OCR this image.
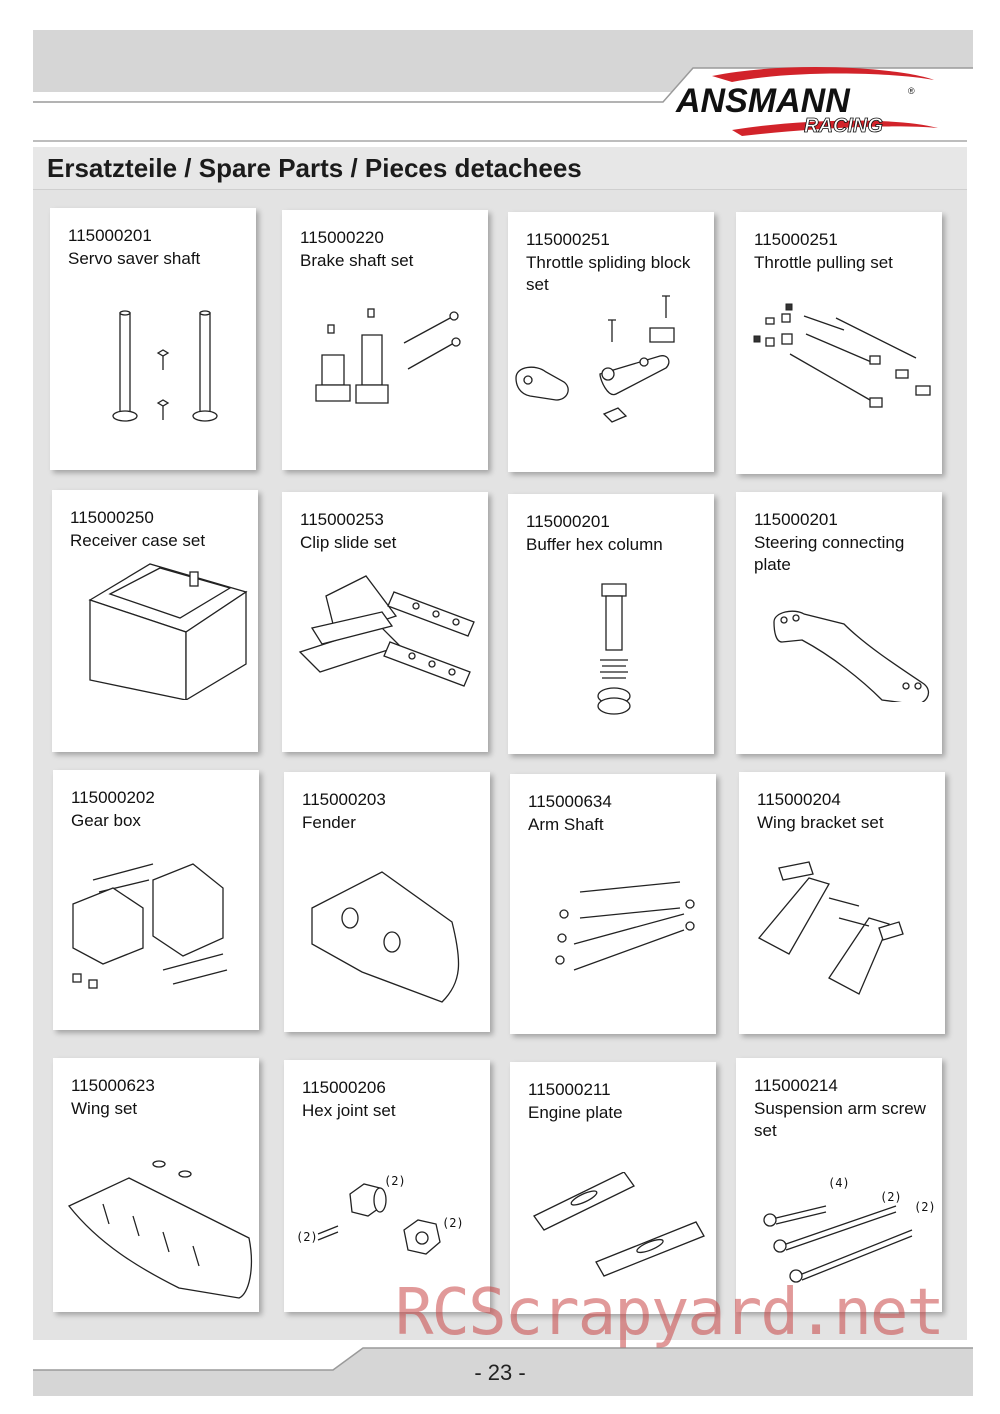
ANSMANN	®
RACING
Ersatzteile / Spare Parts / Pieces detachees
115000201
Servo saver shaft
115000220
Brake shaft set
115000251
Throttle spliding block set
115000251
Throttle pulling set
115000250
Receiver case set
115000253
Clip slide set
115000201
Buffer hex column
115000201
Steering connecting plate
115000202
Gear box
115000203
Fender
115000634
Arm Shaft
115000204
Wing bracket set
115000623
Wing set
115000206
Hex joint set
(2)
(2)
(2)
115000211
Engine plate
115000214
Suspension arm screw set
(4)
(2)
(2)
- 23 -
RCScrapyard.net
